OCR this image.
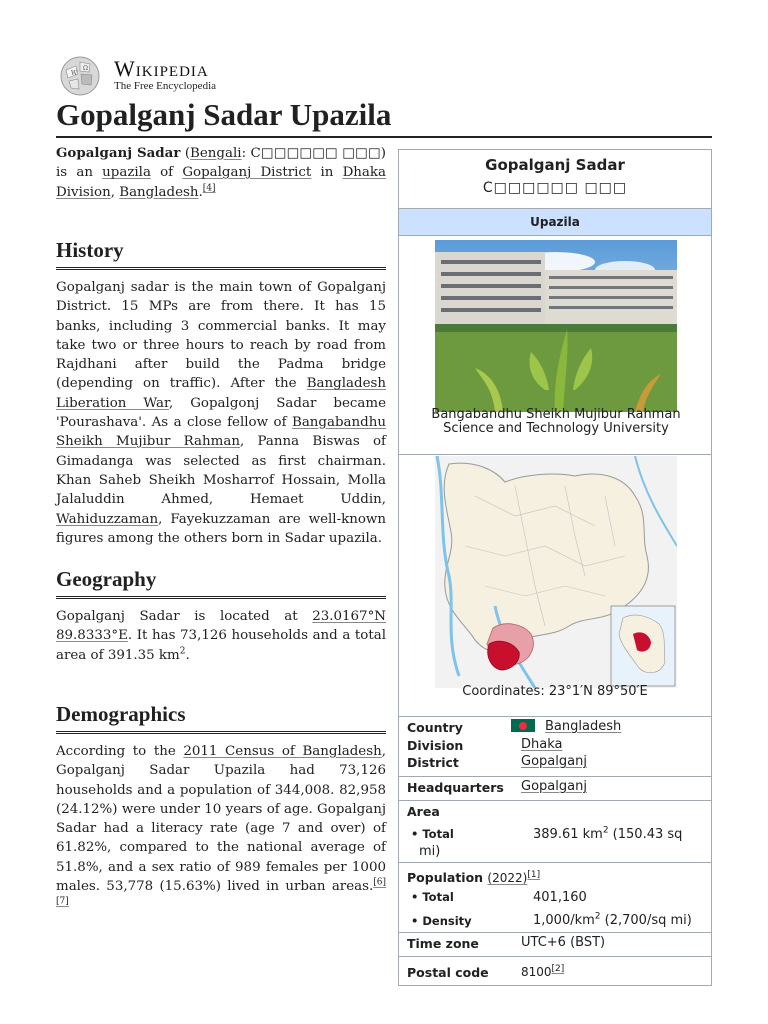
W
Ω Wikipedia
The Free Encyclopedia
Gopalganj Sadar Upazila

Gopalganj Sadar (Bengali: C□□□□□□ □□□) is an upazila of Gopalganj District in Dhaka Division, Bangladesh.[4]

History

Gopalganj sadar is the main town of Gopalganj District. 15 MPs are from there. It has 15 banks, including 3 commercial banks. It may take two or three hours to reach by road from Rajdhani after build the Padma bridge (depending on traffic). After the Bangladesh Liberation War, Gopalgonj Sadar became 'Pourashava'. As a close fellow of Bangabandhu Sheikh Mujibur Rahman, Panna Biswas of Gimadanga was selected as first chairman. Khan Saheb Sheikh Mosharrof Hossain, Molla Jalaluddin Ahmed, Hemaet Uddin, Wahiduzzaman, Fayekuzzaman are well-known figures among the others born in Sadar upazila.

Geography

Gopalganj Sadar is located at 23.0167°N 89.8333°E. It has 73,126 households and a total area of 391.35 $km^2$.

Demographics

According to the 2011 Census of Bangladesh, Gopalganj Sadar Upazila had 73,126 households and a population of 344,008. 82,958 (24.12%) were under 10 years of age. Gopalganj Sadar had a literacy rate (age 7 and over) of 61.82%, compared to the national average of 51.8%, and a sex ratio of 989 females per 1000 males. 53,778 (15.63%) lived in urban areas.[6][7]

Gopalganj Sadar
C□□□□□□ □□□
Upazila
Bangabandhu Sheikh Mujibur Rahman Science and Technology University
Coordinates: 23°1′N 89°50′E
Country	Bangladesh
Division	Dhaka
District	Gopalganj
Headquarters Gopalganj
Area
• Total	389.61 $km^2$ (150.43 sq
mi)
Population (2022)[1]
• Total	401,160
• Density	$1,000/km^2$ (2,700/sq mi)
Time zone	UTC+6 (BST)
Postal code	8100[2]
